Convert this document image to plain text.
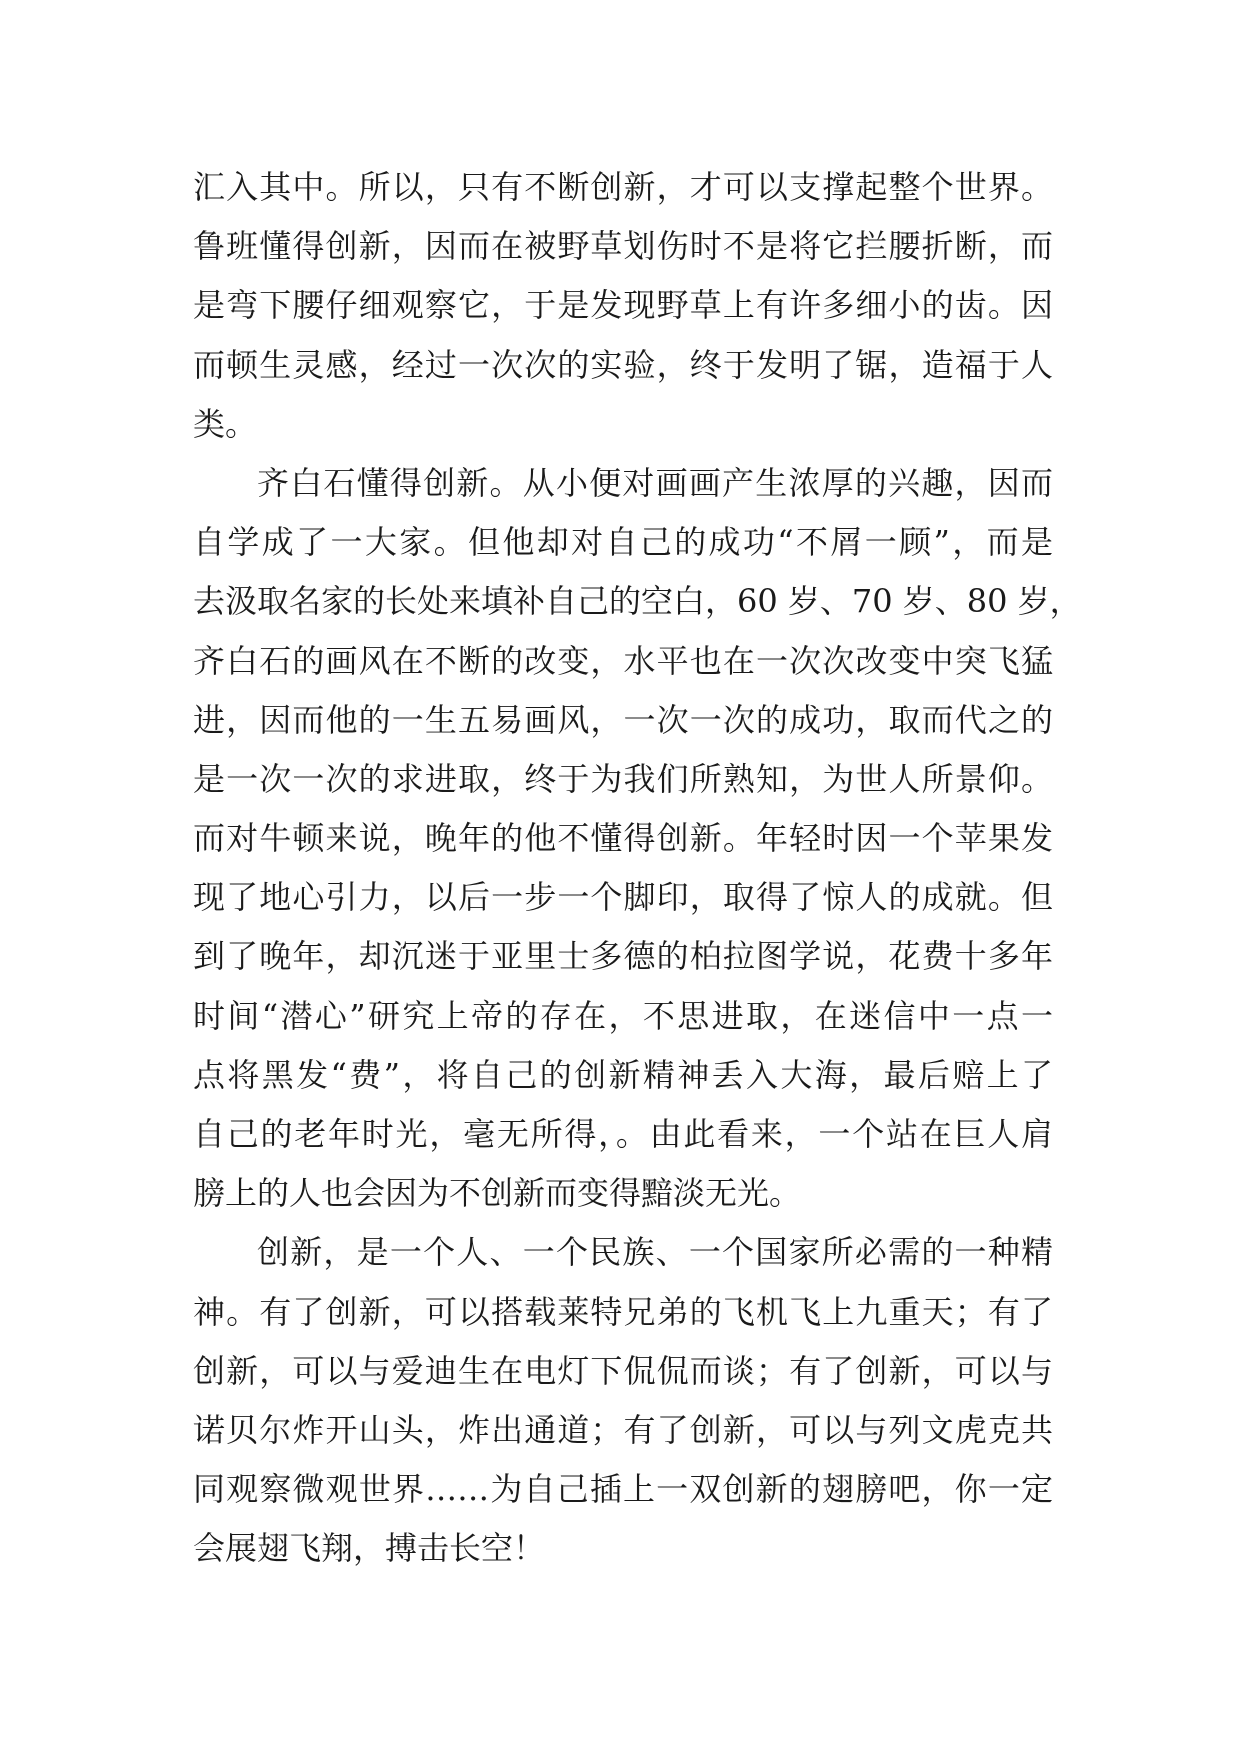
汇入其中。所以，只有不断创新，才可以支撑起整个世界。
鲁班懂得创新，因而在被野草划伤时不是将它拦腰折断，而
是弯下腰仔细观察它，于是发现野草上有许多细小的齿。因
而顿生灵感，经过一次次的实验，终于发明了锯，造福于人
类。
齐白石懂得创新。从小便对画画产生浓厚的兴趣，因而
自学成了一大家。但他却对自己的成功“不屑一顾”，而是
去汲取名家的长处来填补自己的空白，60 岁、70 岁、80 岁，
齐白石的画风在不断的改变，水平也在一次次改变中突飞猛
进，因而他的一生五易画风，一次一次的成功，取而代之的
是一次一次的求进取，终于为我们所熟知，为世人所景仰。
而对牛顿来说，晚年的他不懂得创新。年轻时因一个苹果发
现了地心引力，以后一步一个脚印，取得了惊人的成就。但
到了晚年，却沉迷于亚里士多德的柏拉图学说，花费十多年
时间“潜心”研究上帝的存在，不思进取，在迷信中一点一
点将黑发“费”，将自己的创新精神丢入大海，最后赔上了
自己的老年时光，毫无所得，。由此看来，一个站在巨人肩
膀上的人也会因为不创新而变得黯淡无光。
创新，是一个人、一个民族、一个国家所必需的一种精
神。有了创新，可以搭载莱特兄弟的飞机飞上九重天；有了
创新，可以与爱迪生在电灯下侃侃而谈；有了创新，可以与
诺贝尔炸开山头，炸出通道；有了创新，可以与列文虎克共
同观察微观世界……为自己插上一双创新的翅膀吧，你一定
会展翅飞翔，搏击长空！
